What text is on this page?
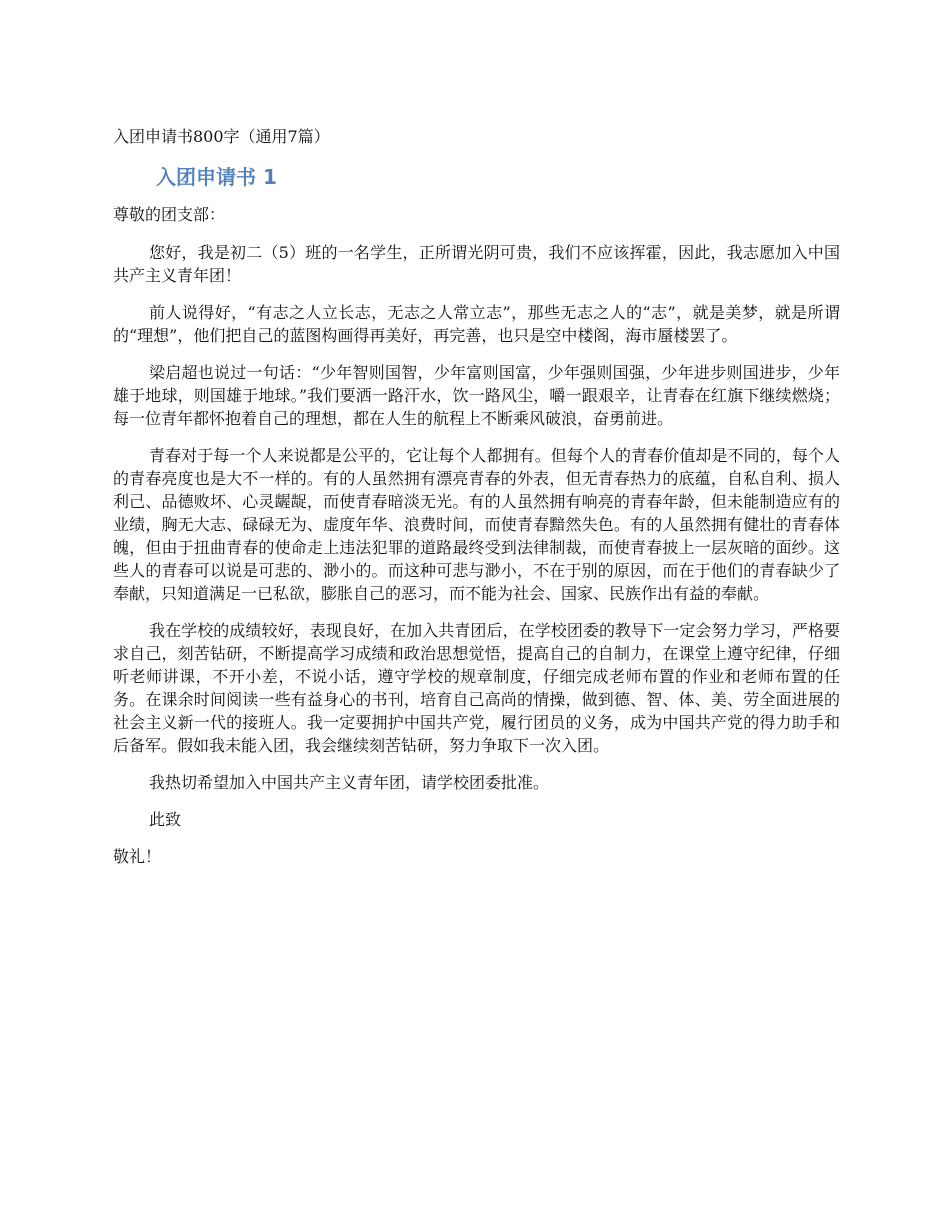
入团申请书800字（通用7篇）
入团申请书 1

尊敬的团支部：

您好，我是初二（5）班的一名学生，正所谓光阴可贵，我们不应该挥霍，因此，我志愿加入中国共产主义青年团！

前人说得好，“有志之人立长志，无志之人常立志”，那些无志之人的“志”，就是美梦，就是所谓的“理想”，他们把自己的蓝图构画得再美好，再完善，也只是空中楼阁，海市蜃楼罢了。

梁启超也说过一句话：“少年智则国智，少年富则国富，少年强则国强，少年进步则国进步，少年雄于地球，则国雄于地球。”我们要洒一路汗水，饮一路风尘，嚼一跟艰辛，让青春在红旗下继续燃烧；每一位青年都怀抱着自己的理想，都在人生的航程上不断乘风破浪，奋勇前进。

青春对于每一个人来说都是公平的，它让每个人都拥有。但每个人的青春价值却是不同的，每个人的青春亮度也是大不一样的。有的人虽然拥有漂亮青春的外表，但无青春热力的底蕴，自私自利、损人利己、品德败坏、心灵龌龊，而使青春暗淡无光。有的人虽然拥有响亮的青春年龄，但未能制造应有的业绩，胸无大志、碌碌无为、虚度年华、浪费时间，而使青春黯然失色。有的人虽然拥有健壮的青春体魄，但由于扭曲青春的使命走上违法犯罪的道路最终受到法律制裁，而使青春披上一层灰暗的面纱。这些人的青春可以说是可悲的、渺小的。而这种可悲与渺小，不在于别的原因，而在于他们的青春缺少了奉献，只知道满足一已私欲，膨胀自己的恶习，而不能为社会、国家、民族作出有益的奉献。

我在学校的成绩较好，表现良好，在加入共青团后，在学校团委的教导下一定会努力学习，严格要求自己，刻苦钻研，不断提高学习成绩和政治思想觉悟，提高自己的自制力，在课堂上遵守纪律，仔细听老师讲课，不开小差，不说小话，遵守学校的规章制度，仔细完成老师布置的作业和老师布置的任务。在课余时间阅读一些有益身心的书刊，培育自己高尚的情操，做到德、智、体、美、劳全面进展的社会主义新一代的接班人。我一定要拥护中国共产党，履行团员的义务，成为中国共产党的得力助手和后备军。假如我未能入团，我会继续刻苦钻研，努力争取下一次入团。

我热切希望加入中国共产主义青年团，请学校团委批准。

此致

敬礼！
